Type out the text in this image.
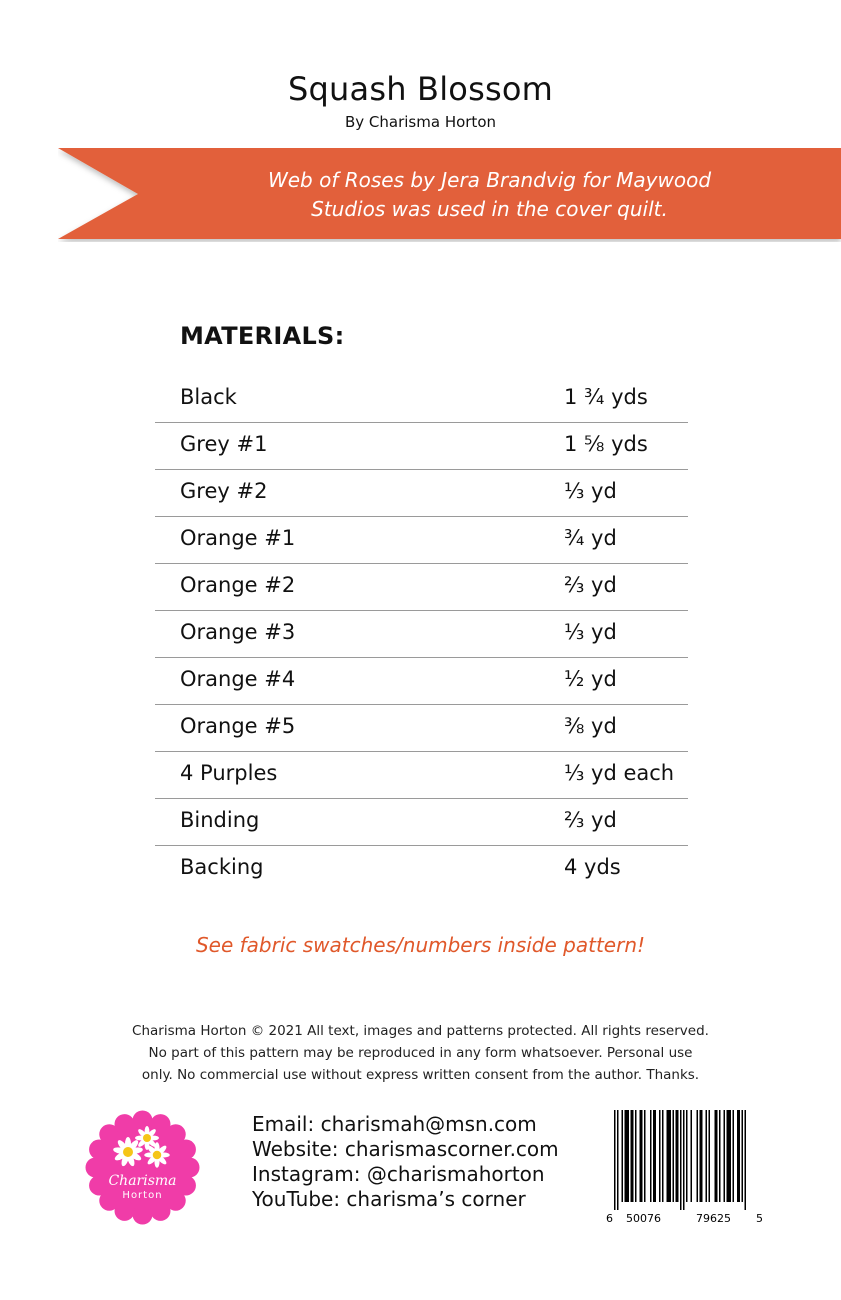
Squash Blossom
By Charisma Horton
Web of Roses by Jera Brandvig for Maywood
Studios was used in the cover quilt.
MATERIALS:
Black	1 ¾ yds
Grey #1	1 ⅝ yds
Grey #2	⅓ yd
Orange #1	¾ yd
Orange #2	⅔ yd
Orange #3	⅓ yd
Orange #4	½ yd
Orange #5	⅜ yd
4 Purples	⅓ yd each
Binding	⅔ yd
Backing	4 yds
See fabric swatches/numbers inside pattern!
Charisma Horton © 2021 All text, images and patterns protected. All rights reserved.
No part of this pattern may be reproduced in any form whatsoever. Personal use
only. No commercial use without express written consent from the author. Thanks.
Charisma
Horton
Email: charismah@msn.com
Website: charismascorner.com
Instagram: @charismahorton
YouTube: charisma’s corner
6 50076	79625 5
